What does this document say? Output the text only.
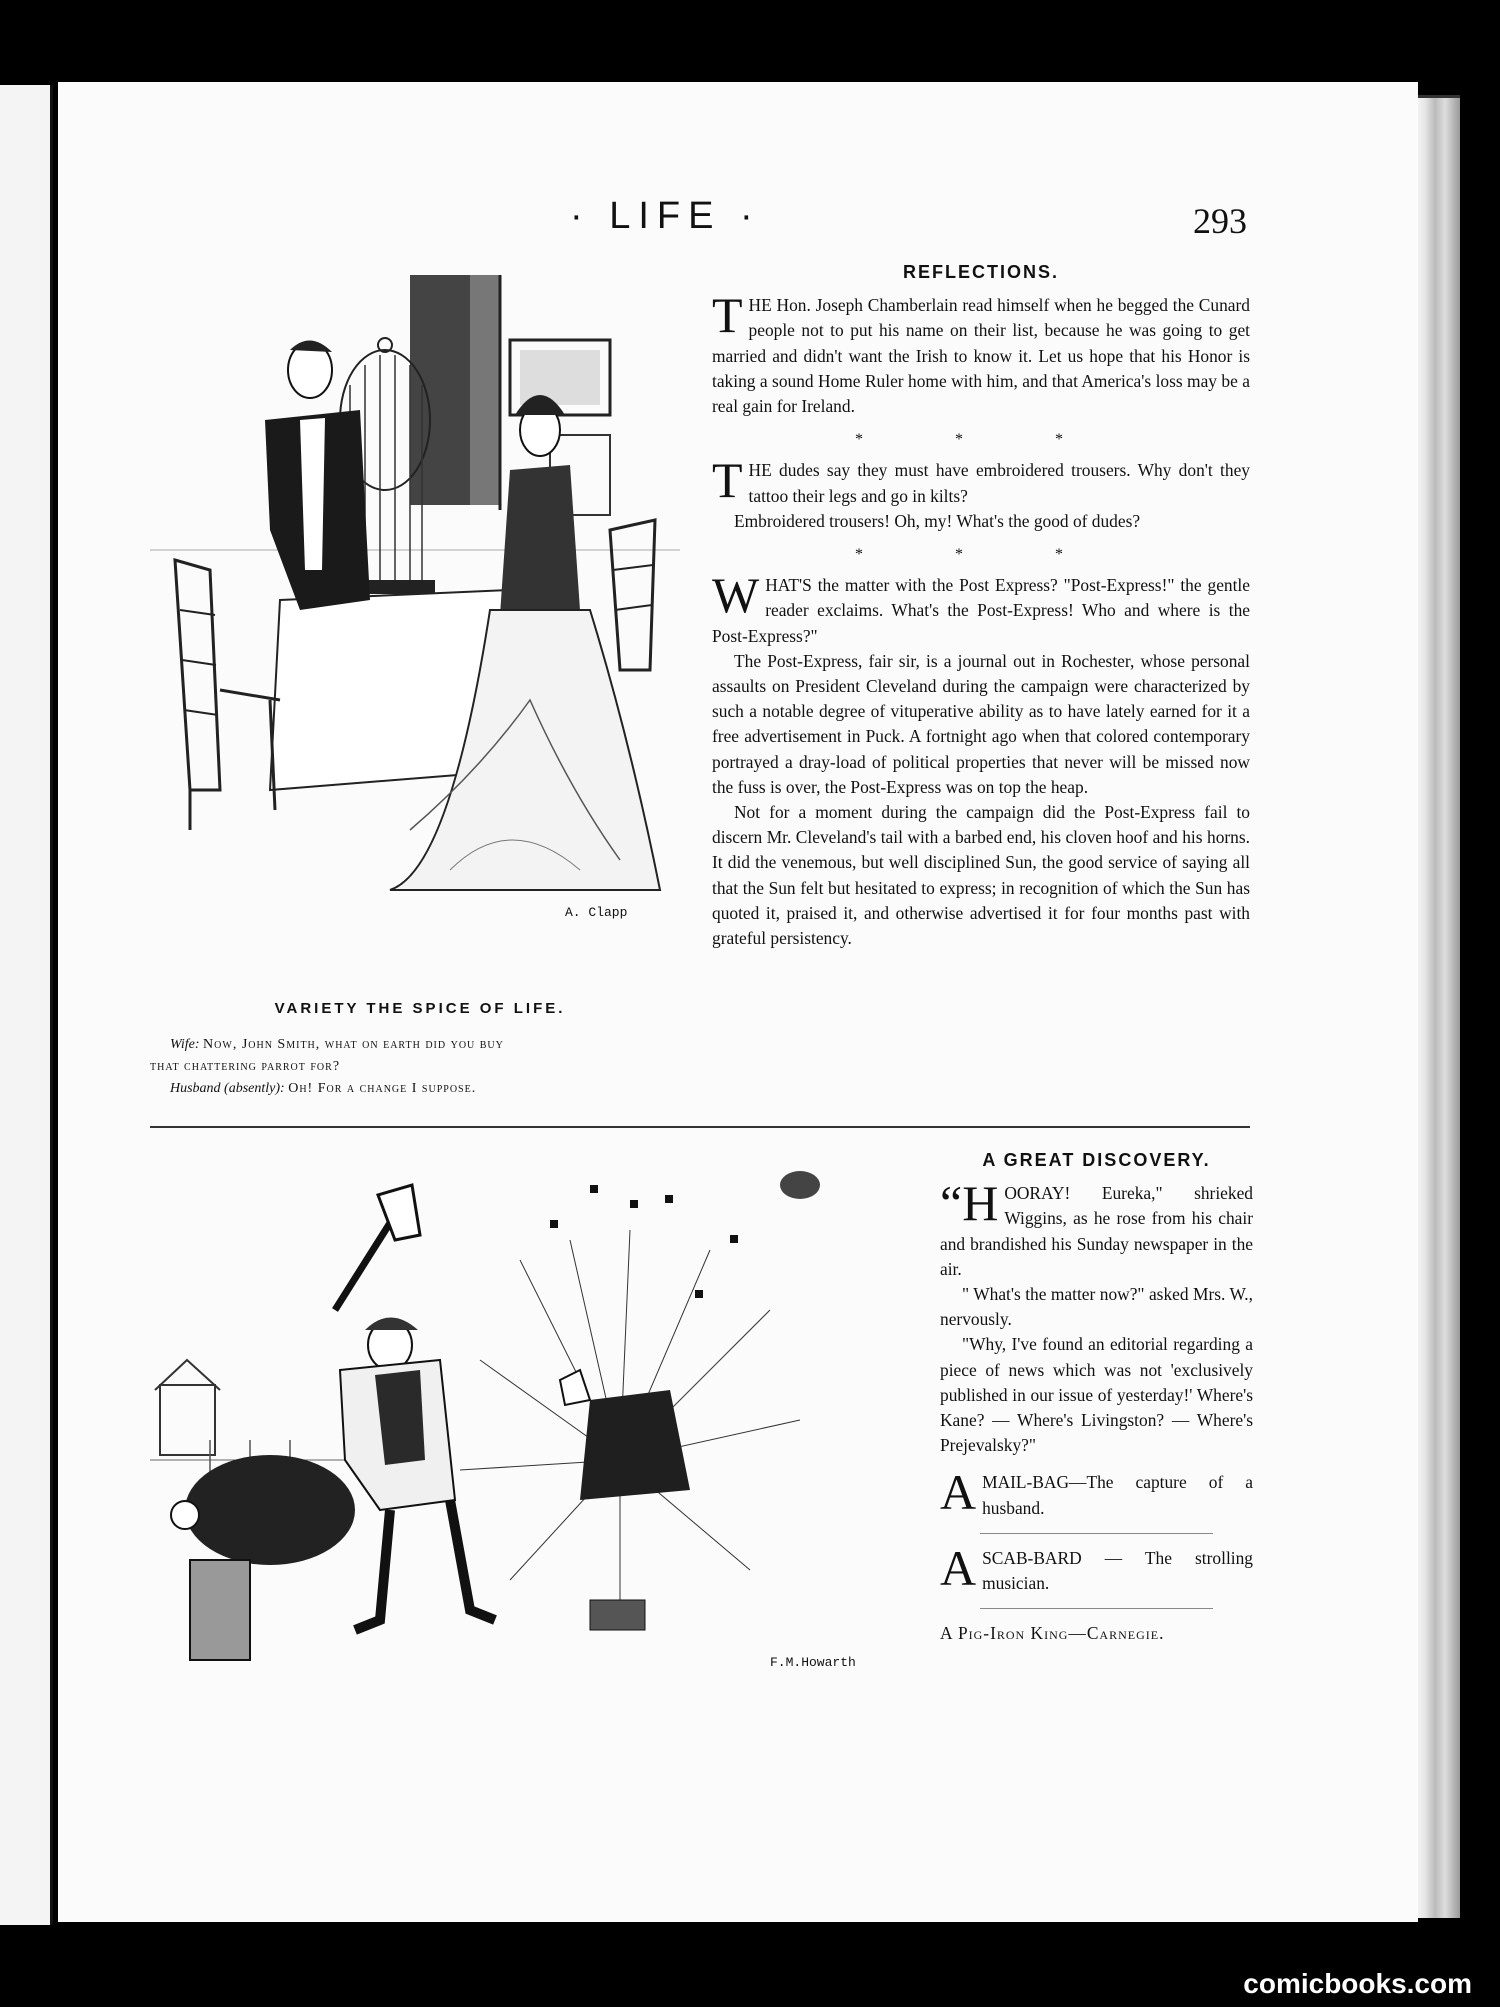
· LIFE ·	293
A. Clapp
VARIETY THE SPICE OF LIFE.
Wife: Now, John Smith, what on earth did you buy
that chattering parrot for?
Husband (absently): Oh! For a change I suppose.
REFLECTIONS.

T HE Hon. Joseph Chamberlain read himself when he begged the Cunard people not to put his name on their list, because he was going to get married and didn't want the Irish to know it. Let us hope that his Honor is taking a sound Home Ruler home with him, and that America's loss may be a real gain for Ireland.

* * *

T HE dudes say they must have embroidered trousers. Why don't they tattoo their legs and go in kilts?

Embroidered trousers! Oh, my! What's the good of dudes?

* * *

W HAT'S the matter with the Post Express? "Post-Express!" the gentle reader exclaims. What's the Post-Express! Who and where is the Post-Express?"

The Post-Express, fair sir, is a journal out in Rochester, whose personal assaults on President Cleveland during the campaign were characterized by such a notable degree of vituperative ability as to have lately earned for it a free advertisement in Puck. A fortnight ago when that colored contemporary portrayed a dray-load of political properties that never will be missed now the fuss is over, the Post-Express was on top the heap.

Not for a moment during the campaign did the Post-Express fail to discern Mr. Cleveland's tail with a barbed end, his cloven hoof and his horns. It did the venemous, but well disciplined Sun, the good service of saying all that the Sun felt but hesitated to express; in recognition of which the Sun has quoted it, praised it, and otherwise advertised it for four months past with grateful persistency.

F.M.Howarth
A GREAT DISCOVERY.

“H OORAY! Eureka," shrieked Wiggins, as he rose from his chair and brandished his Sunday newspaper in the air.

" What's the matter now?" asked Mrs. W., nervously.

"Why, I've found an editorial regarding a piece of news which was not 'exclusively published in our issue of yesterday!' Where's Kane? — Where's Livingston? — Where's Prejevalsky?"

A MAIL-BAG—The capture of a husband.

A SCAB-BARD — The strolling musician.

A Pig-Iron King—Carnegie.

comicbooks.com
